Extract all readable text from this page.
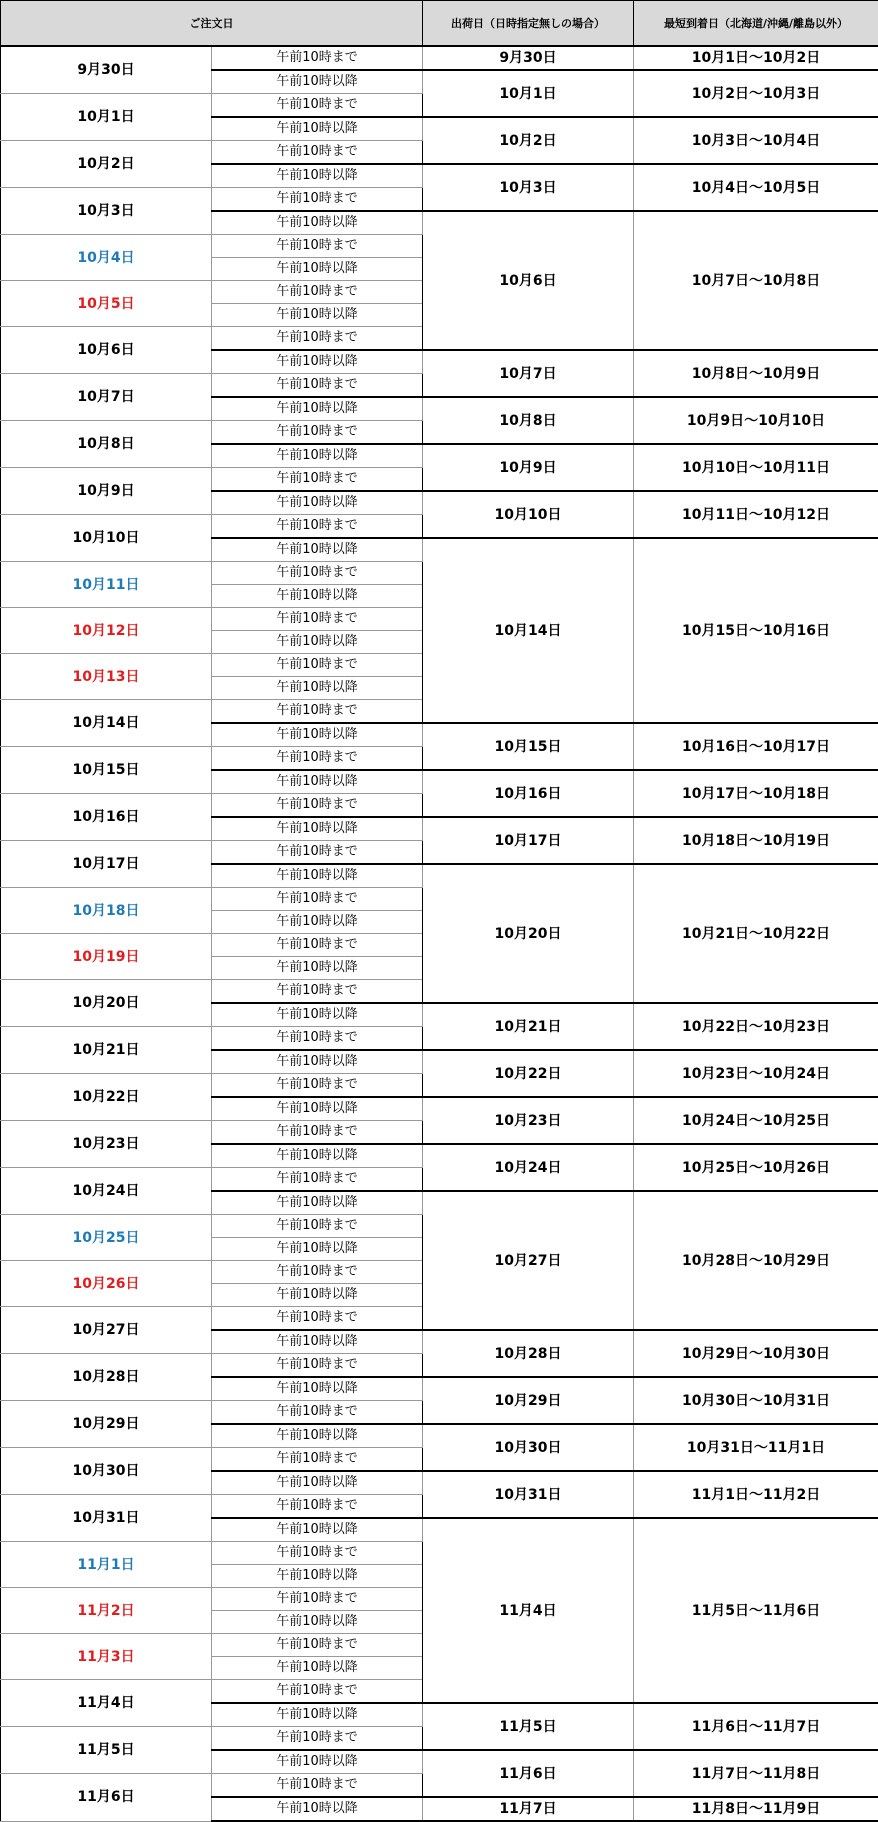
ご注文日		出荷日（日時指定無しの場合）	最短到着日（北海道/沖縄/離島以外）
9月30日	午前10時まで	9月30日	10月1日～10月2日
	午前10時以降	10月1日	10月2日～10月3日
10月1日	午前10時まで		
	午前10時以降	10月2日	10月3日～10月4日
10月2日	午前10時まで		
	午前10時以降	10月3日	10月4日～10月5日
10月3日	午前10時まで		
	午前10時以降	10月6日	10月7日～10月8日
10月4日	午前10時まで		
	午前10時以降		
10月5日	午前10時まで		
	午前10時以降		
10月6日	午前10時まで		
	午前10時以降	10月7日	10月8日～10月9日
10月7日	午前10時まで		
	午前10時以降	10月8日	10月9日～10月10日
10月8日	午前10時まで		
	午前10時以降	10月9日	10月10日～10月11日
10月9日	午前10時まで		
	午前10時以降	10月10日	10月11日～10月12日
10月10日	午前10時まで		
	午前10時以降	10月14日	10月15日～10月16日
10月11日	午前10時まで		
	午前10時以降		
10月12日	午前10時まで		
	午前10時以降		
10月13日	午前10時まで		
	午前10時以降		
10月14日	午前10時まで		
	午前10時以降	10月15日	10月16日～10月17日
10月15日	午前10時まで		
	午前10時以降	10月16日	10月17日～10月18日
10月16日	午前10時まで		
	午前10時以降	10月17日	10月18日～10月19日
10月17日	午前10時まで		
	午前10時以降	10月20日	10月21日～10月22日
10月18日	午前10時まで		
	午前10時以降		
10月19日	午前10時まで		
	午前10時以降		
10月20日	午前10時まで		
	午前10時以降	10月21日	10月22日～10月23日
10月21日	午前10時まで		
	午前10時以降	10月22日	10月23日～10月24日
10月22日	午前10時まで		
	午前10時以降	10月23日	10月24日～10月25日
10月23日	午前10時まで		
	午前10時以降	10月24日	10月25日～10月26日
10月24日	午前10時まで		
	午前10時以降	10月27日	10月28日～10月29日
10月25日	午前10時まで		
	午前10時以降		
10月26日	午前10時まで		
	午前10時以降		
10月27日	午前10時まで		
	午前10時以降	10月28日	10月29日～10月30日
10月28日	午前10時まで		
	午前10時以降	10月29日	10月30日～10月31日
10月29日	午前10時まで		
	午前10時以降	10月30日	10月31日～11月1日
10月30日	午前10時まで		
	午前10時以降	10月31日	11月1日～11月2日
10月31日	午前10時まで		
	午前10時以降	11月4日	11月5日～11月6日
11月1日	午前10時まで		
	午前10時以降		
11月2日	午前10時まで		
	午前10時以降		
11月3日	午前10時まで		
	午前10時以降		
11月4日	午前10時まで		
	午前10時以降	11月5日	11月6日～11月7日
11月5日	午前10時まで		
	午前10時以降	11月6日	11月7日～11月8日
11月6日	午前10時まで		
	午前10時以降	11月7日	11月8日～11月9日
